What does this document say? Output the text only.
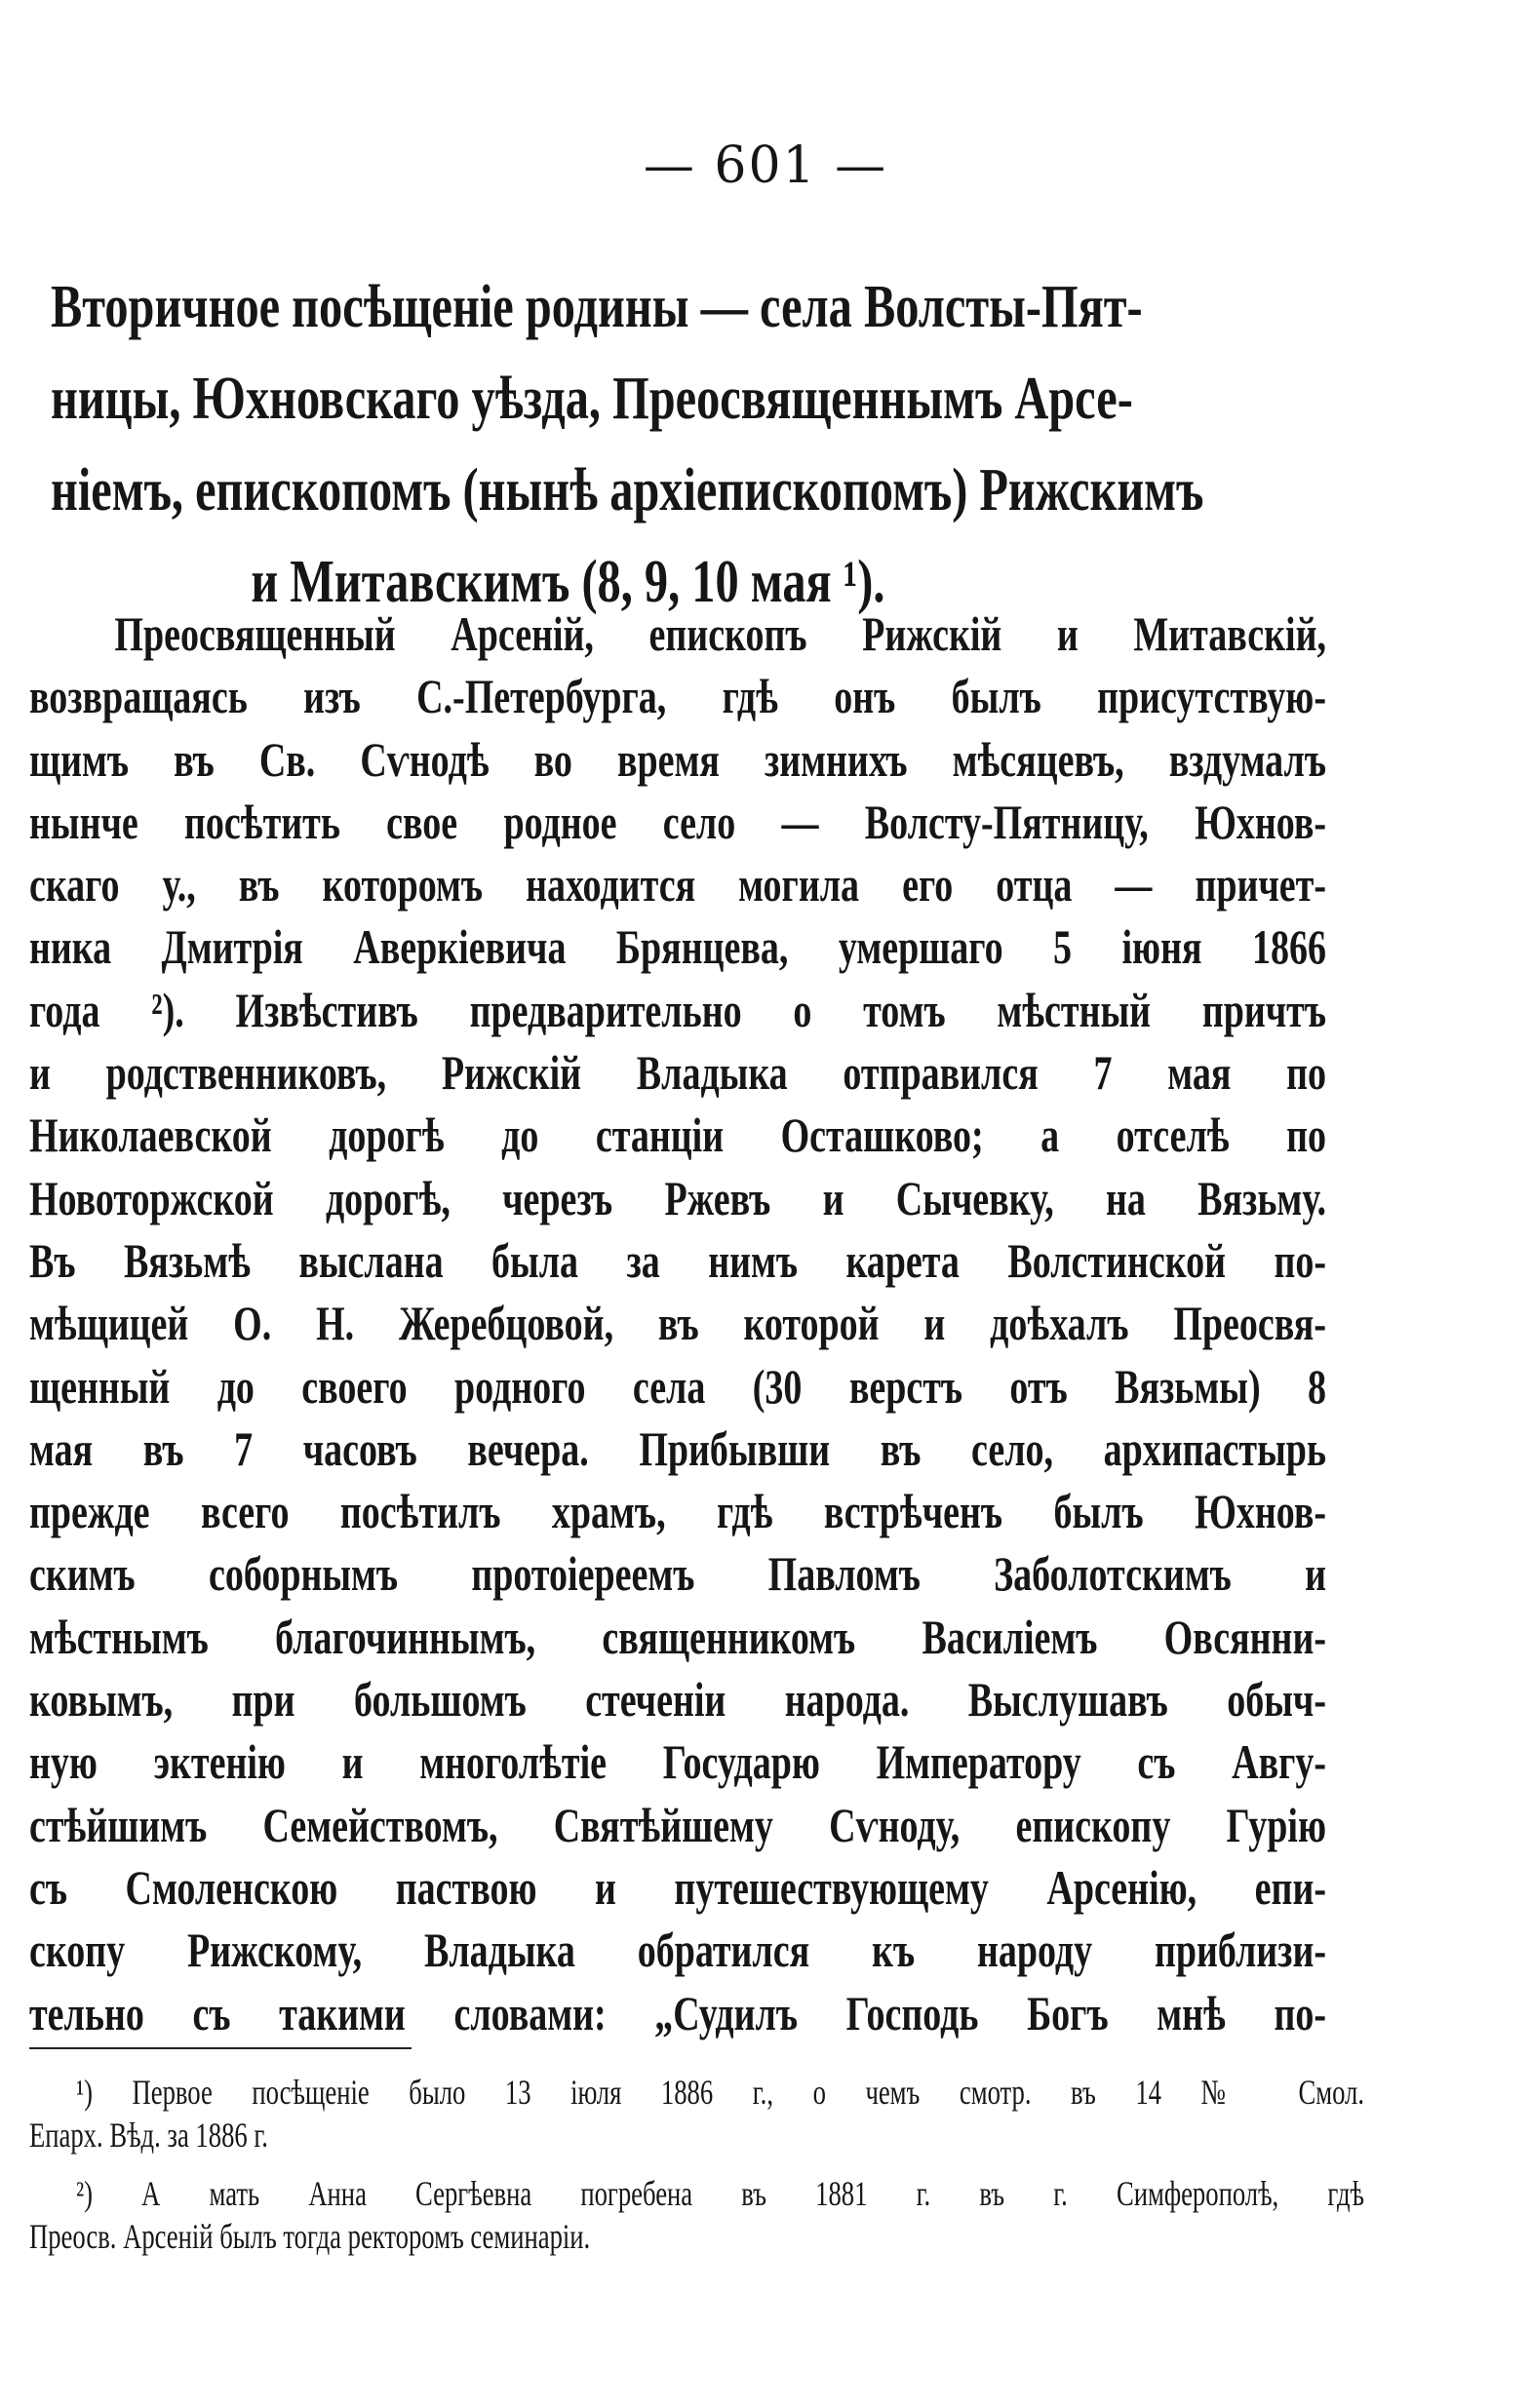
— 601 —
Вторичное посѣщеніе родины — села Волсты-Пят-
ницы, Юхновскаго уѣзда, Преосвященнымъ Арсе-
ніемъ, епископомъ (нынѣ архіепископомъ) Рижскимъ
и Митавскимъ (8, 9, 10 мая ¹).
Преосвященный Арсеній, епископъ Рижскій и Митавскій,
возвращаясь изъ С.-Петербурга, гдѣ онъ былъ присутствую-
щимъ въ Св. Сѵнодѣ во время зимнихъ мѣсяцевъ, вздумалъ
нынче посѣтить свое родное село — Волсту-Пятницу, Юхнов-
скаго у., въ которомъ находится могила его отца — причет-
ника Дмитрія Аверкіевича Брянцева, умершаго 5 іюня 1866
года ²). Извѣстивъ предварительно о томъ мѣстный причтъ
и родственниковъ, Рижскій Владыка отправился 7 мая по
Николаевской дорогѣ до станціи Осташково; а отселѣ по
Новоторжской дорогѣ, черезъ Ржевъ и Сычевку, на Вязьму.
Въ Вязьмѣ выслана была за нимъ карета Волстинской по-
мѣщицей О. Н. Жеребцовой, въ которой и доѣхалъ Преосвя-
щенный до своего родного села (30 верстъ отъ Вязьмы) 8
мая въ 7 часовъ вечера. Прибывши въ село, архипастырь
прежде всего посѣтилъ храмъ, гдѣ встрѣченъ былъ Юхнов-
скимъ соборнымъ протоіереемъ Павломъ Заболотскимъ и
мѣстнымъ благочиннымъ, священникомъ Василіемъ Овсянни-
ковымъ, при большомъ стеченіи народа. Выслушавъ обыч-
ную эктенію и многолѣтіе Государю Императору съ Авгу-
стѣйшимъ Семействомъ, Святѣйшему Сѵноду, епископу Гурію
съ Смоленскою паствою и путешествующему Арсенію, епи-
скопу Рижскому, Владыка обратился къ народу приблизи-
тельно съ такими словами: „Судилъ Господь Богъ мнѣ по-
¹) Первое посѣщеніе было 13 іюля 1886 г., о чемъ смотр. въ 14 № Смол.
Епарх. Вѣд. за 1886 г.
²) А мать Анна Сергѣевна погребена въ 1881 г. въ г. Симферополѣ, гдѣ
Преосв. Арсеній былъ тогда ректоромъ семинаріи.
